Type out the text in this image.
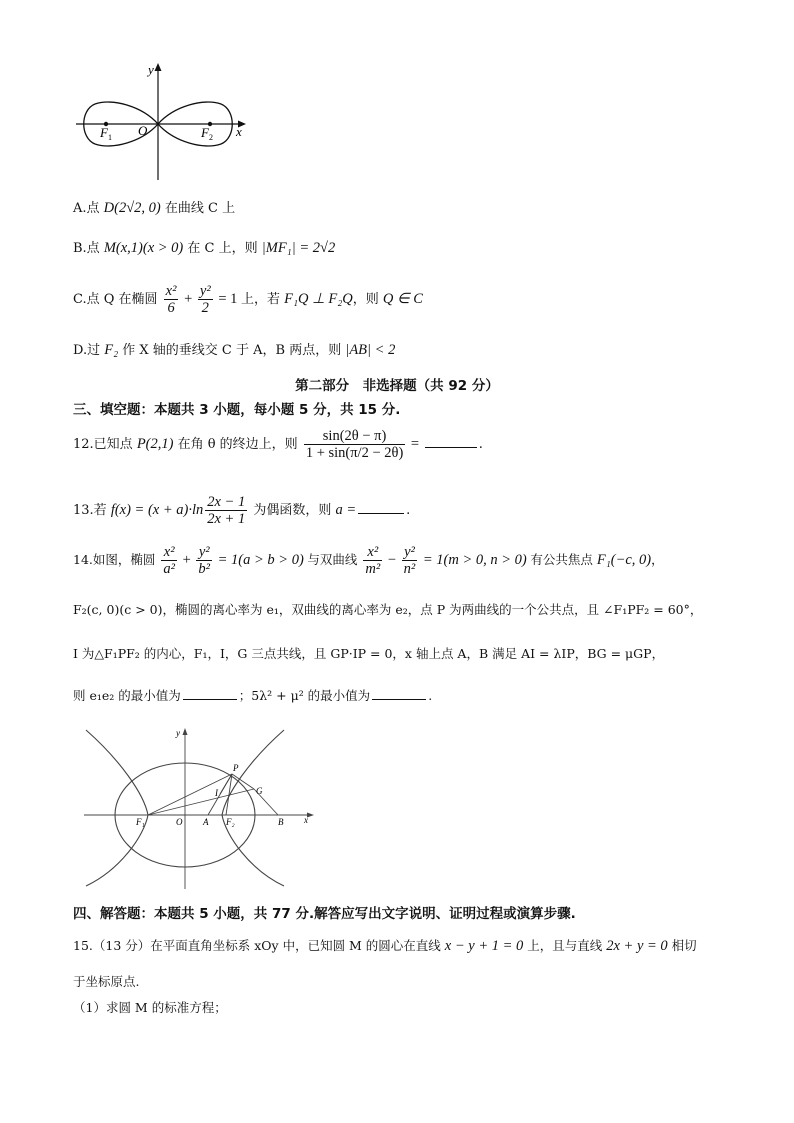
y
x
O
$F_1$	$F_2$
A.点 D(2√2, 0) 在曲线 C 上
B.点 M(x,1)(x > 0) 在 C 上，则 |MF₁| = 2√2
C.点 Q 在椭圆 $\frac{\text{x²}}{6} + \frac{\text{y²}}{2} = 1$ 上，若 F₁Q ⊥ F₂Q，则 Q ∈ C
D.过 F₂ 作 X 轴的垂线交 C 于 A，B 两点，则 |AB| < 2
第二部分　非选择题（共 92 分）
三、填空题：本题共 3 小题，每小题 5 分，共 15 分.
12.已知点 P(2,1) 在角 θ 的终边上，则 $\frac{\sin(2\theta - \pi)}{1 + \sin(\pi/2 - 2\theta)}$ =	.
13.若 $f(x) = (x + a)\cdot\ln \frac{2x - 1}{2x + 1}$ 为偶函数，则 a =	.
14.如图，椭圆 $\frac{\text{x²}}{\text{a²}} + \frac{\text{y²}}{\text{b²}} = 1(a > b > 0)$ 与双曲线 $\frac{\text{x²}}{\text{m²}} - \frac{\text{y²}}{\text{n²}} = 1(m > 0$, n > 0) 有公共焦点 F₁(−c, 0)，
F₂(c, 0)(c > 0)，椭圆的离心率为 e₁，双曲线的离心率为 e₂，点 P 为两曲线的一个公共点，且 ∠F₁PF₂ = 60°，
I 为△F₁PF₂ 的内心，F₁，I，G 三点共线，且 GP·IP = 0，x 轴上点 A，B 满足 AI = λIP，BG = μGP，
则 e₁e₂ 的最小值为	；5λ² + μ² 的最小值为	.
y
x
O
F₁	F₂
A	B
P
I	G
四、解答题：本题共 5 小题，共 77 分.解答应写出文字说明、证明过程或演算步骤.
15.（13 分）在平面直角坐标系 xOy 中，已知圆 M 的圆心在直线 x − y + 1 = 0 上，且与直线 2x + y = 0 相切
于坐标原点.
（1）求圆 M 的标准方程；
